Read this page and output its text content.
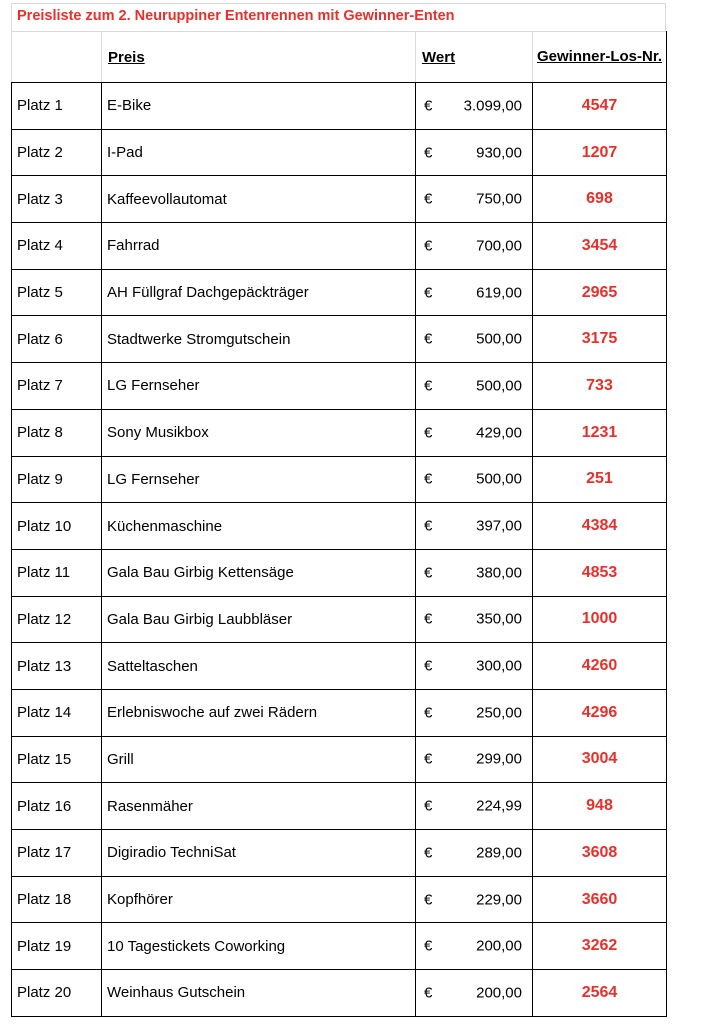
Preisliste zum 2. Neuruppiner Entenrennen mit Gewinner-Enten
	Preis	Wert	Gewinner-Los-Nr.
Platz 1	E-Bike	€ 3.099,00	4547
Platz 2	I-Pad	€ 930,00	1207
Platz 3	Kaffeevollautomat	€ 750,00	698
Platz 4	Fahrrad	€ 700,00	3454
Platz 5	AH Füllgraf Dachgepäckträger	€ 619,00	2965
Platz 6	Stadtwerke Stromgutschein	€ 500,00	3175
Platz 7	LG Fernseher	€ 500,00	733
Platz 8	Sony Musikbox	€ 429,00	1231
Platz 9	LG Fernseher	€ 500,00	251
Platz 10	Küchenmaschine	€ 397,00	4384
Platz 11	Gala Bau Girbig Kettensäge	€ 380,00	4853
Platz 12	Gala Bau Girbig Laubbläser	€ 350,00	1000
Platz 13	Satteltaschen	€ 300,00	4260
Platz 14	Erlebniswoche auf zwei Rädern	€ 250,00	4296
Platz 15	Grill	€ 299,00	3004
Platz 16	Rasenmäher	€ 224,99	948
Platz 17	Digiradio TechniSat	€ 289,00	3608
Platz 18	Kopfhörer	€ 229,00	3660
Platz 19	10 Tagestickets Coworking	€ 200,00	3262
Platz 20	Weinhaus Gutschein	€ 200,00	2564
